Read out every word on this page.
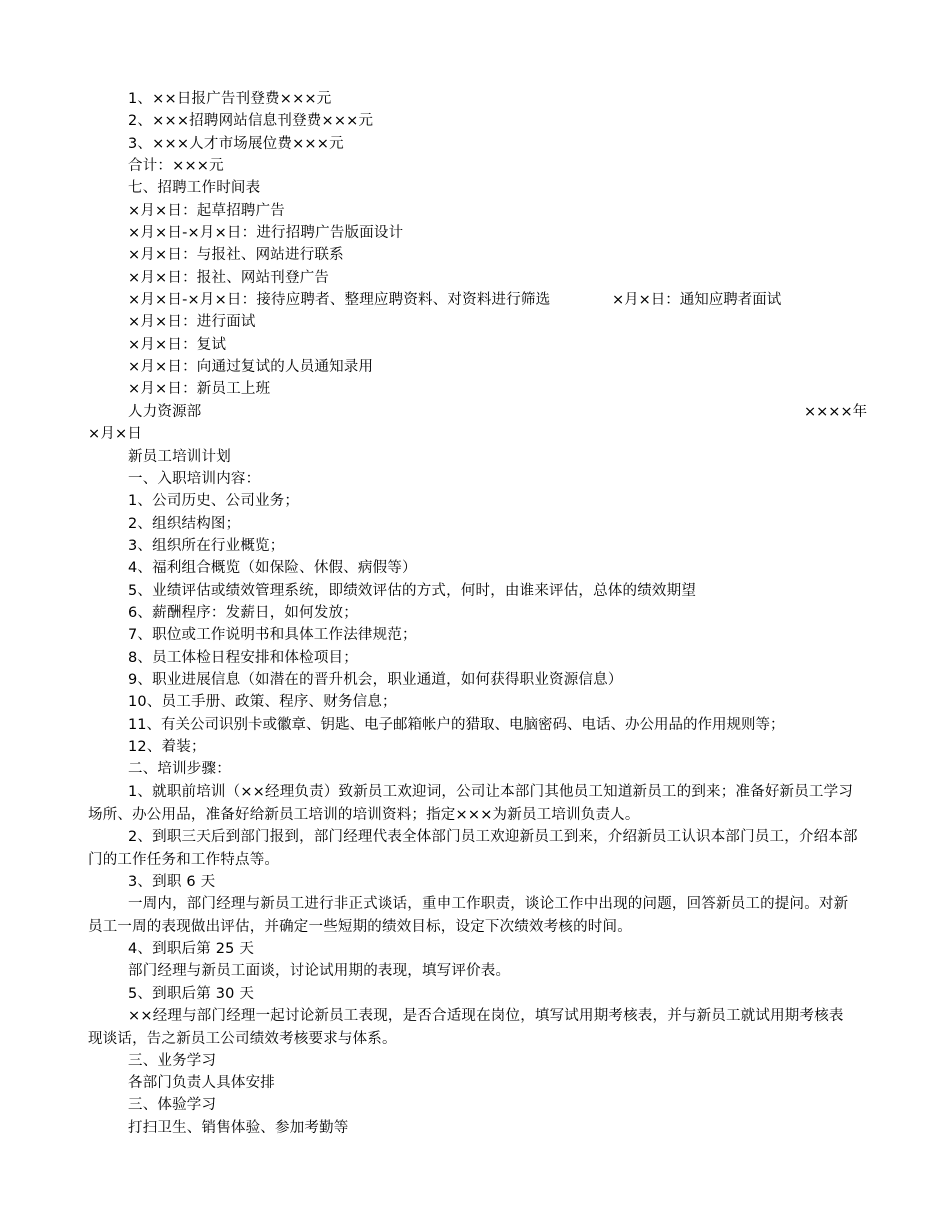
1、××日报广告刊登费×××元
2、×××招聘网站信息刊登费×××元
3、×××人才市场展位费×××元
合计：×××元
七、招聘工作时间表
×月×日：起草招聘广告
×月×日-×月×日：进行招聘广告版面设计
×月×日：与报社、网站进行联系
×月×日：报社、网站刊登广告
×月×日-×月×日：接待应聘者、整理应聘资料、对资料进行筛选	×月×日：通知应聘者面试
×月×日：进行面试
×月×日：复试
×月×日：向通过复试的人员通知录用
×月×日：新员工上班
人力资源部	××××年
×月×日
新员工培训计划
一、入职培训内容：
1、公司历史、公司业务；
2、组织结构图；
3、组织所在行业概览；
4、福利组合概览（如保险、休假、病假等）
5、业绩评估或绩效管理系统，即绩效评估的方式，何时，由谁来评估，总体的绩效期望
6、薪酬程序：发薪日，如何发放；
7、职位或工作说明书和具体工作法律规范；
8、员工体检日程安排和体检项目；
9、职业进展信息（如潜在的晋升机会，职业通道，如何获得职业资源信息）
10、员工手册、政策、程序、财务信息；
11、有关公司识别卡或徽章、钥匙、电子邮箱帐户的猎取、电脑密码、电话、办公用品的作用规则等；
12、着装；
二、培训步骤：
1、就职前培训（××经理负责）致新员工欢迎词，公司让本部门其他员工知道新员工的到来；准备好新员工学习场所、办公用品，准备好给新员工培训的培训资料；指定×××为新员工培训负责人。
2、到职三天后到部门报到，部门经理代表全体部门员工欢迎新员工到来，介绍新员工认识本部门员工，介绍本部门的工作任务和工作特点等。
3、到职 6 天
一周内，部门经理与新员工进行非正式谈话，重申工作职责，谈论工作中出现的问题，回答新员工的提问。对新员工一周的表现做出评估，并确定一些短期的绩效目标，设定下次绩效考核的时间。
4、到职后第 25 天
部门经理与新员工面谈，讨论试用期的表现，填写评价表。
5、到职后第 30 天
××经理与部门经理一起讨论新员工表现，是否合适现在岗位，填写试用期考核表，并与新员工就试用期考核表现谈话，告之新员工公司绩效考核要求与体系。
三、业务学习
各部门负责人具体安排
三、体验学习
打扫卫生、销售体验、参加考勤等
